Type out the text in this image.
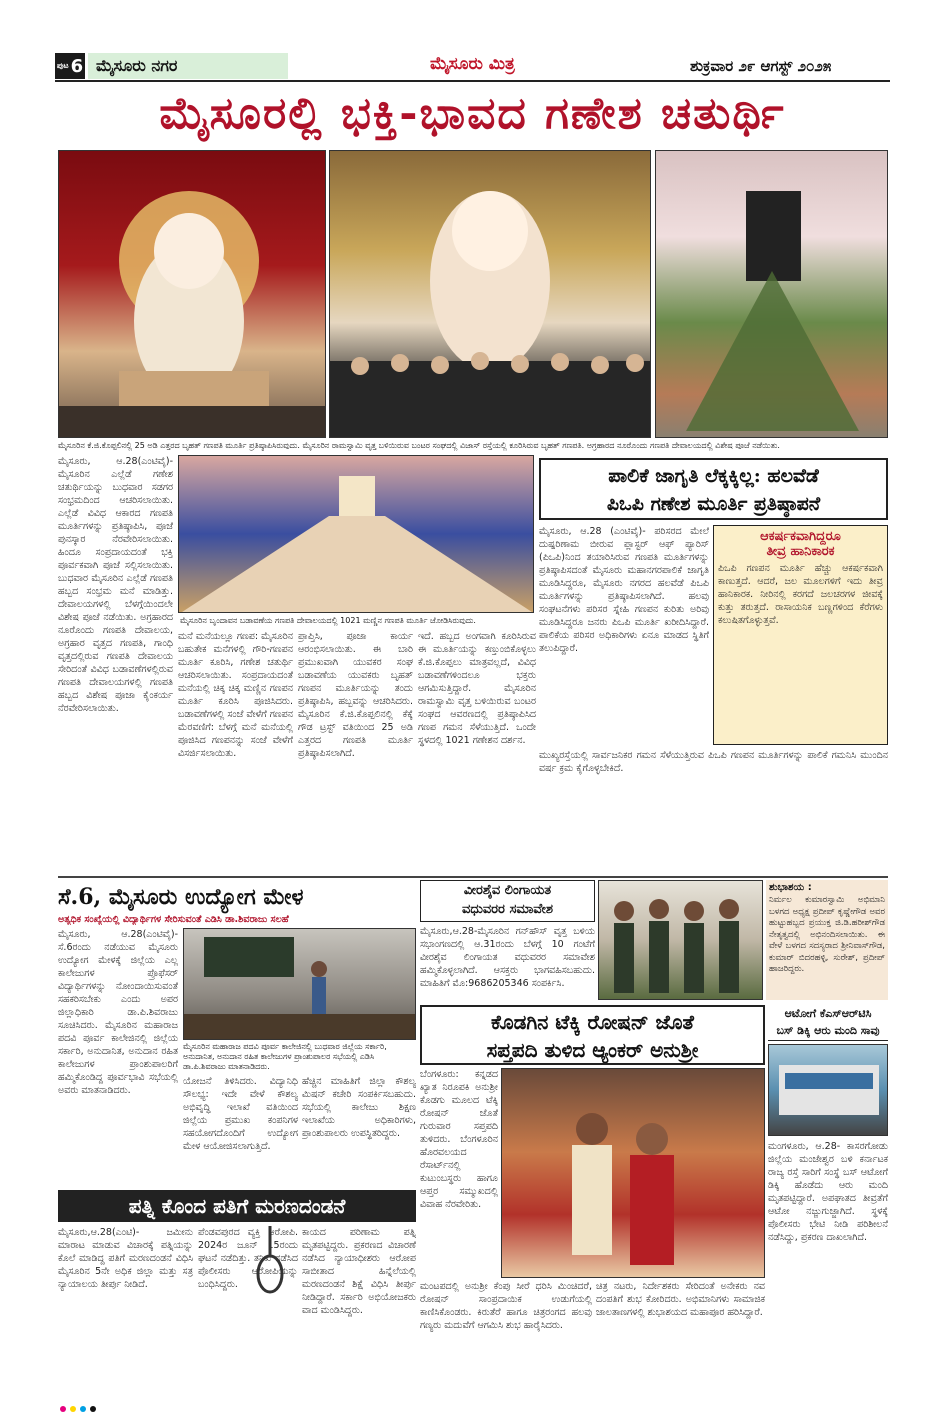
ಪುಟ 6 ಮೈಸೂರು ನಗರ	ಮೈಸೂರು ಮಿತ್ರ	ಶುಕ್ರವಾರ ೨೯ ಆಗಸ್ಟ್ ೨೦೨೫
ಮೈಸೂರಲ್ಲಿ ಭಕ್ತಿ-ಭಾವದ ಗಣೇಶ ಚತುರ್ಥಿ
ಮೈಸೂರಿನ ಕೆ.ಜಿ.ಕೊಪ್ಪಲಿನಲ್ಲಿ 25 ಅಡಿ ಎತ್ತರದ ಬೃಹತ್ ಗಣಪತಿ ಮೂರ್ತಿ ಪ್ರತಿಷ್ಠಾಪಿಸಿರುವುದು. ಮೈಸೂರಿನ ರಾಮಸ್ವಾಮಿ ವೃತ್ತ ಬಳಿಯಿರುವ ಬಂಟರ ಸಂಘದಲ್ಲಿ ವಿಜಾಸ್ ರಸ್ತೆಯಲ್ಲಿ ಕೂರಿಸಿರುವ ಬೃಹತ್ ಗಣಪತಿ. ಅಗ್ರಹಾರದ ನೂರೊಂದು ಗಣಪತಿ ದೇವಾಲಯದಲ್ಲಿ ವಿಶೇಷ ಪೂಜೆ ನಡೆಯಿತು.
ಮೈಸೂರು, ಆ.28(ಎಂಟಿವೈ)- ಮೈಸೂರಿನ ಎಲ್ಲೆಡೆ ಗಣೇಶ ಚತುರ್ಥಿಯನ್ನು ಬುಧವಾರ ಸಡಗರ ಸಂಭ್ರಮದಿಂದ ಆಚರಿಸಲಾಯಿತು. ಎಲ್ಲೆಡೆ ವಿವಿಧ ಆಕಾರದ ಗಣಪತಿ ಮೂರ್ತಿಗಳನ್ನು ಪ್ರತಿಷ್ಠಾಪಿಸಿ, ಪೂಜೆ ಪುನಸ್ಕಾರ ನೆರವೇರಿಸಲಾಯಿತು. ಹಿಂದೂ ಸಂಪ್ರದಾಯದಂತೆ ಭಕ್ತಿ ಪೂರ್ವಕವಾಗಿ ಪೂಜೆ ಸಲ್ಲಿಸಲಾಯಿತು. ಬುಧವಾರ ಮೈಸೂರಿನ ಎಲ್ಲೆಡೆ ಗಣಪತಿ ಹಬ್ಬದ ಸಂಭ್ರಮ ಮನೆ ಮಾಡಿತ್ತು. ದೇವಾಲಯಗಳಲ್ಲಿ ಬೆಳಗ್ಗೆಯಿಂದಲೇ ವಿಶೇಷ ಪೂಜೆ ನಡೆಯಿತು. ಅಗ್ರಹಾರದ ನೂರೊಂದು ಗಣಪತಿ ದೇವಾಲಯ, ಅಗ್ರಹಾರ ವೃತ್ತದ ಗಣಪತಿ, ಗಾಂಧಿ ವೃತ್ತದಲ್ಲಿರುವ ಗಣಪತಿ ದೇವಾಲಯ ಸೇರಿದಂತೆ ವಿವಿಧ ಬಡಾವಣೆಗಳಲ್ಲಿರುವ ಗಣಪತಿ ದೇವಾಲಯಗಳಲ್ಲಿ ಗಣಪತಿ ಹಬ್ಬದ ವಿಶೇಷ ಪೂಜಾ ಕೈಂಕರ್ಯ ನೆರವೇರಿಸಲಾಯಿತು.
ಮೈಸೂರಿನ ಬೃಂದಾವನ ಬಡಾವಣೆಯ ಗಣಪತಿ ದೇವಾಲಯದಲ್ಲಿ 1021 ಮಣ್ಣಿನ ಗಣಪತಿ ಮೂರ್ತಿ ಜೋಡಿಸಿರುವುದು.
ಮನೆ ಮನೆಯಲ್ಲೂ ಗಣಪ: ಮೈಸೂರಿನ ಬಹುತೇಕ ಮನೆಗಳಲ್ಲಿ ಗೌರಿ-ಗಣಪನ ಮೂರ್ತಿ ಕೂರಿಸಿ, ಗಣೇಶ ಚತುರ್ಥಿ ಆಚರಿಸಲಾಯಿತು. ಸಂಪ್ರದಾಯದಂತೆ ಮನೆಯಲ್ಲಿ ಚಿಕ್ಕ ಚಿಕ್ಕ ಮಣ್ಣಿನ ಗಣಪನ ಮೂರ್ತಿ ಕೂರಿಸಿ ಪೂಜಿಸಿದರು. ಬಡಾವಣೆಗಳಲ್ಲಿ ಸಂಜೆ ವೇಳೆಗೆ ಗಣಪನ ಮೆರವಣಿಗೆ: ಬೆಳಗ್ಗೆ ಮನೆ ಮನೆಯಲ್ಲಿ ಪೂಜಿಸಿದ ಗಣಪನನ್ನು ಸಂಜೆ ವೇಳೆಗೆ ವಿಸರ್ಜಿಸಲಾಯಿತು.
ಪ್ರಾಪ್ತಿಸಿ, ಪೂಜಾ ಕಾರ್ಯ ಆರಂಭಿಸಲಾಯಿತು. ಈ ಬಾರಿ ಪ್ರಮುಖವಾಗಿ ಯುವಕರ ಸಂಘ ಬಡಾವಣೆಯ ಯುವಕರು ಬೃಹತ್ ಗಣಪನ ಮೂರ್ತಿಯನ್ನು ತಂದು ಪ್ರತಿಷ್ಠಾಪಿಸಿ, ಹಬ್ಬವನ್ನು ಆಚರಿಸಿದರು. ಮೈಸೂರಿನ ಕೆ.ಜಿ.ಕೊಪ್ಪಲಿನಲ್ಲಿ ಕೆಕ್ಕೆ ಗೌಡ ಟ್ರಸ್ಟ್ ವತಿಯಿಂದ 25 ಅಡಿ ಎತ್ತರದ ಗಣಪತಿ ಮೂರ್ತಿ ಪ್ರತಿಷ್ಠಾಪಿಸಲಾಗಿದೆ.
ಇದೆ. ಹಬ್ಬದ ಅಂಗವಾಗಿ ಕೂರಿಸಿರುವ ಈ ಮೂರ್ತಿಯನ್ನು ಕಣ್ತುಂಬಿಕೊಳ್ಳಲು ಕೆ.ಜಿ.ಕೊಪ್ಪಲು ಮಾತ್ರವಲ್ಲದೆ, ವಿವಿಧ ಬಡಾವಣೆಗಳಿಂದಲೂ ಭಕ್ತರು ಆಗಮಿಸುತ್ತಿದ್ದಾರೆ. ಮೈಸೂರಿನ ರಾಮಸ್ವಾಮಿ ವೃತ್ತ ಬಳಿಯಿರುವ ಬಂಟರ ಸಂಘದ ಆವರಣದಲ್ಲಿ ಪ್ರತಿಷ್ಠಾಪಿಸಿದ ಗಣಪ ಗಮನ ಸೆಳೆಯುತ್ತಿದೆ. ಒಂದೇ ಸ್ಥಳದಲ್ಲಿ 1021 ಗಣೇಶನ ದರ್ಶನ.
ಪಾಲಿಕೆ ಜಾಗೃತಿ ಲೆಕ್ಕಕ್ಕಿಲ್ಲ: ಹಲವೆಡೆ
ಪಿಒಪಿ ಗಣೇಶ ಮೂರ್ತಿ ಪ್ರತಿಷ್ಠಾಪನೆ
ಮೈಸೂರು, ಆ.28 (ಎಂಟಿವೈ)- ಪರಿಸರದ ಮೇಲೆ ದುಷ್ಪರಿಣಾಮ ಬೀರುವ ಪ್ಲಾಸ್ಟರ್ ಆಫ್ ಪ್ಯಾರಿಸ್ (ಪಿಒಪಿ)ನಿಂದ ತಯಾರಿಸಿರುವ ಗಣಪತಿ ಮೂರ್ತಿಗಳನ್ನು ಪ್ರತಿಷ್ಠಾಪಿಸದಂತೆ ಮೈಸೂರು ಮಹಾನಗರಪಾಲಿಕೆ ಜಾಗೃತಿ ಮೂಡಿಸಿದ್ದರೂ, ಮೈಸೂರು ನಗರದ ಹಲವೆಡೆ ಪಿಒಪಿ ಮೂರ್ತಿಗಳನ್ನು ಪ್ರತಿಷ್ಠಾಪಿಸಲಾಗಿದೆ. ಹಲವು ಸಂಘಟನೆಗಳು ಪರಿಸರ ಸ್ನೇಹಿ ಗಣಪನ ಕುರಿತು ಅರಿವು ಮೂಡಿಸಿದ್ದರೂ ಜನರು ಪಿಒಪಿ ಮೂರ್ತಿ ಖರೀದಿಸಿದ್ದಾರೆ. ಪಾಲಿಕೆಯ ಪರಿಸರ ಅಧಿಕಾರಿಗಳು ಏನೂ ಮಾಡದ ಸ್ಥಿತಿಗೆ ತಲುಪಿದ್ದಾರೆ.
ಆಕರ್ಷಕವಾಗಿದ್ದರೂ
ತೀವ್ರ ಹಾನಿಕಾರಕ
ಪಿಒಪಿ ಗಣಪನ ಮೂರ್ತಿ ಹೆಚ್ಚು ಆಕರ್ಷಕವಾಗಿ ಕಾಣುತ್ತದೆ. ಆದರೆ, ಜಲ ಮೂಲಗಳಿಗೆ ಇದು ತೀವ್ರ ಹಾನಿಕಾರಕ. ನೀರಿನಲ್ಲಿ ಕರಗದೆ ಜಲಚರಗಳ ಜೀವಕ್ಕೆ ಕುತ್ತು ತರುತ್ತದೆ. ರಾಸಾಯನಿಕ ಬಣ್ಣಗಳಿಂದ ಕೆರೆಗಳು ಕಲುಷಿತಗೊಳ್ಳುತ್ತವೆ.
ಮುಖ್ಯರಸ್ತೆಯಲ್ಲಿ ಸಾರ್ವಜನಿಕರ ಗಮನ ಸೆಳೆಯುತ್ತಿರುವ ಪಿಒಪಿ ಗಣಪನ ಮೂರ್ತಿಗಳನ್ನು ಪಾಲಿಕೆ ಗಮನಿಸಿ ಮುಂದಿನ ವರ್ಷ ಕ್ರಮ ಕೈಗೊಳ್ಳಬೇಕಿದೆ.
ಸೆ.6, ಮೈಸೂರು ಉದ್ಯೋಗ ಮೇಳ
ಅತ್ಯಧಿಕ ಸಂಖ್ಯೆಯಲ್ಲಿ ವಿದ್ಯಾರ್ಥಿಗಳ ಸೇರಿಸುವಂತೆ ಎಡಿಸಿ ಡಾ.ಶಿವರಾಜು ಸಲಹೆ
ಮೈಸೂರು, ಆ.28(ಎಂಟಿವೈ)- ಸೆ.6ರಂದು ನಡೆಯುವ ಮೈಸೂರು ಉದ್ಯೋಗ ಮೇಳಕ್ಕೆ ಜಿಲ್ಲೆಯ ಎಲ್ಲ ಕಾಲೇಜುಗಳ ಪ್ರೊಫೆಸರ್ ವಿದ್ಯಾರ್ಥಿಗಳನ್ನು ನೋಂದಾಯಿಸುವಂತೆ ಸಹಕರಿಸಬೇಕು ಎಂದು ಅಪರ ಜಿಲ್ಲಾಧಿಕಾರಿ ಡಾ.ಪಿ.ಶಿವರಾಜು ಸೂಚಿಸಿದರು. ಮೈಸೂರಿನ ಮಹಾರಾಜ ಪದವಿ ಪೂರ್ವ ಕಾಲೇಜಿನಲ್ಲಿ ಜಿಲ್ಲೆಯ ಸರ್ಕಾರಿ, ಅನುದಾನಿತ, ಅನುದಾನ ರಹಿತ ಕಾಲೇಜುಗಳ ಪ್ರಾಂಶುಪಾಲರಿಗೆ ಹಮ್ಮಿಕೊಂಡಿದ್ದ ಪೂರ್ವಭಾವಿ ಸಭೆಯಲ್ಲಿ ಅವರು ಮಾತನಾಡಿದರು.
ಮೈಸೂರಿನ ಮಹಾರಾಜ ಪದವಿ ಪೂರ್ವ ಕಾಲೇಜಿನಲ್ಲಿ ಬುಧವಾರ ಜಿಲ್ಲೆಯ ಸರ್ಕಾರಿ, ಅನುದಾನಿತ, ಅನುದಾನ ರಹಿತ ಕಾಲೇಜುಗಳ ಪ್ರಾಂಶುಪಾಲರ ಸಭೆಯಲ್ಲಿ ಎಡಿಸಿ ಡಾ.ಪಿ.ಶಿವರಾಜು ಮಾತನಾಡಿದರು.
ಯೋಜನೆ ತಿಳಿಸಿದರು. ವಿದ್ಯಾನಿಧಿ ಸೌಲಭ್ಯ: ಇದೇ ವೇಳೆ ಕೌಶಲ್ಯ ಅಭಿವೃದ್ಧಿ ಇಲಾಖೆ ವತಿಯಿಂದ ಜಿಲ್ಲೆಯ ಪ್ರಮುಖ ಕಂಪನಿಗಳ ಸಹಯೋಗದೊಂದಿಗೆ ಉದ್ಯೋಗ ಮೇಳ ಆಯೋಜಿಸಲಾಗುತ್ತಿದೆ.
ಹೆಚ್ಚಿನ ಮಾಹಿತಿಗೆ ಜಿಲ್ಲಾ ಕೌಶಲ್ಯ ಮಿಷನ್ ಕಚೇರಿ ಸಂಪರ್ಕಿಸಬಹುದು. ಸಭೆಯಲ್ಲಿ ಕಾಲೇಜು ಶಿಕ್ಷಣ ಇಲಾಖೆಯ ಅಧಿಕಾರಿಗಳು, ಪ್ರಾಂಶುಪಾಲರು ಉಪಸ್ಥಿತರಿದ್ದರು.
ವೀರಶೈವ ಲಿಂಗಾಯತ
ವಧುವರರ ಸಮಾವೇಶ
ಮೈಸೂರು,ಆ.28-ಮೈಸೂರಿನ ಗನ್‌ಹೌಸ್ ವೃತ್ತ ಬಳಿಯ ಸಭಾಂಗಣದಲ್ಲಿ ಆ.31ರಂದು ಬೆಳಗ್ಗೆ 10 ಗಂಟೆಗೆ ವೀರಶೈವ ಲಿಂಗಾಯತ ವಧುವರರ ಸಮಾವೇಶ ಹಮ್ಮಿಕೊಳ್ಳಲಾಗಿದೆ. ಆಸಕ್ತರು ಭಾಗವಹಿಸಬಹುದು. ಮಾಹಿತಿಗೆ ಮೊ:9686205346 ಸಂಪರ್ಕಿಸಿ.
ಶುಭಾಶಯ :
ನಿರ್ಮಲ ಕುಮಾರಸ್ವಾಮಿ ಅಭಿಮಾನಿ ಬಳಗದ ಅಧ್ಯಕ್ಷ ಪ್ರದೀಪ್ ಕೃಷ್ಣೇಗೌಡ ಅವರ ಹುಟ್ಟುಹಬ್ಬದ ಪ್ರಯುಕ್ತ ಜಿ.ಡಿ.ಹರೀಶ್‌ಗೌಡ ನೇತೃತ್ವದಲ್ಲಿ ಅಭಿನಂದಿಸಲಾಯಿತು. ಈ ವೇಳೆ ಬಳಗದ ಸದಸ್ಯರಾದ ಶ್ರೀನಿವಾಸ್‌ಗೌಡ, ಕುಮಾರ್ ಬಿದರಹಳ್ಳಿ, ಸುರೇಶ್, ಪ್ರದೀಪ್ ಹಾಜರಿದ್ದರು.
ಕೊಡಗಿನ ಟೆಕ್ಕಿ ರೋಷನ್ ಜೊತೆ
ಸಪ್ತಪದಿ ತುಳಿದ ಆ್ಯಂಕರ್ ಅನುಶ್ರೀ
ಬೆಂಗಳೂರು: ಕನ್ನಡದ ಖ್ಯಾತ ನಿರೂಪಕಿ ಅನುಶ್ರೀ ಕೊಡಗು ಮೂಲದ ಟೆಕ್ಕಿ ರೋಷನ್ ಜೊತೆ ಗುರುವಾರ ಸಪ್ತಪದಿ ತುಳಿದರು. ಬೆಂಗಳೂರಿನ ಹೊರವಲಯದ ರೆಸಾರ್ಟ್‌ನಲ್ಲಿ ಕುಟುಂಬಸ್ಥರು ಹಾಗೂ ಆಪ್ತರ ಸಮ್ಮುಖದಲ್ಲಿ ವಿವಾಹ ನೆರವೇರಿತು.
ಮಂಟಪದಲ್ಲಿ ಅನುಶ್ರೀ ಕೆಂಪು ಸೀರೆ ಧರಿಸಿ ಮಿಂಚಿದರೆ, ರೋಷನ್ ಸಾಂಪ್ರದಾಯಿಕ ಉಡುಗೆಯಲ್ಲಿ ಕಾಣಿಸಿಕೊಂಡರು. ಕಿರುತೆರೆ ಹಾಗೂ ಚಿತ್ರರಂಗದ ಹಲವು ಗಣ್ಯರು ಮದುವೆಗೆ ಆಗಮಿಸಿ ಶುಭ ಹಾರೈಸಿದರು.
ಚಿತ್ರ ನಟರು, ನಿರ್ದೇಶಕರು ಸೇರಿದಂತೆ ಅನೇಕರು ನವ ದಂಪತಿಗೆ ಶುಭ ಕೋರಿದರು. ಅಭಿಮಾನಿಗಳು ಸಾಮಾಜಿಕ ಜಾಲತಾಣಗಳಲ್ಲಿ ಶುಭಾಶಯದ ಮಹಾಪೂರ ಹರಿಸಿದ್ದಾರೆ.
ಆಟೋಗೆ ಕೆಎಸ್‌ಆರ್‌ಟಿಸಿ
ಬಸ್ ಡಿಕ್ಕಿ ಆರು ಮಂದಿ ಸಾವು
ಮಂಗಳೂರು, ಆ.28- ಕಾಸರಗೋಡು ಜಿಲ್ಲೆಯ ಮಂಜೇಶ್ವರ ಬಳಿ ಕರ್ನಾಟಕ ರಾಜ್ಯ ರಸ್ತೆ ಸಾರಿಗೆ ಸಂಸ್ಥೆ ಬಸ್ ಆಟೋಗೆ ಡಿಕ್ಕಿ ಹೊಡೆದು ಆರು ಮಂದಿ ಮೃತಪಟ್ಟಿದ್ದಾರೆ. ಅಪಘಾತದ ತೀವ್ರತೆಗೆ ಆಟೋ ನಜ್ಜುಗುಜ್ಜಾಗಿದೆ. ಸ್ಥಳಕ್ಕೆ ಪೊಲೀಸರು ಭೇಟಿ ನೀಡಿ ಪರಿಶೀಲನೆ ನಡೆಸಿದ್ದು, ಪ್ರಕರಣ ದಾಖಲಾಗಿದೆ.
ಪತ್ನಿ ಕೊಂದ ಪತಿಗೆ ಮರಣದಂಡನೆ
ಮೈಸೂರು,ಆ.28(ಎಂಟಿ)- ಜಮೀನು ಮಾರಾಟ ಮಾಡುವ ವಿಚಾರಕ್ಕೆ ಪತ್ನಿಯನ್ನು ಕೊಲೆ ಮಾಡಿದ್ದ ಪತಿಗೆ ಮರಣದಂಡನೆ ವಿಧಿಸಿ ಮೈಸೂರಿನ 5ನೇ ಅಧಿಕ ಜಿಲ್ಲಾ ಮತ್ತು ಸತ್ರ ನ್ಯಾಯಾಲಯ ತೀರ್ಪು ನೀಡಿದೆ.
ಪೆಂಡವಪುರದ ವ್ಯಕ್ತಿ ಆರೋಪಿ. 2024ರ ಜೂನ್ 15ರಂದು ಘಟನೆ ನಡೆದಿತ್ತು. ತನಿಖೆ ನಡೆಸಿದ ಪೊಲೀಸರು ಆರೋಪಿಯನ್ನು ಬಂಧಿಸಿದ್ದರು.
ಕಾಯದ ಪರಿಣಾಮ ಪತ್ನಿ ಮೃತಪಟ್ಟಿದ್ದರು. ಪ್ರಕರಣದ ವಿಚಾರಣೆ ನಡೆಸಿದ ನ್ಯಾಯಾಧೀಶರು ಆರೋಪ ಸಾಬೀತಾದ ಹಿನ್ನೆಲೆಯಲ್ಲಿ ಮರಣದಂಡನೆ ಶಿಕ್ಷೆ ವಿಧಿಸಿ ತೀರ್ಪು ನೀಡಿದ್ದಾರೆ. ಸರ್ಕಾರಿ ಅಭಿಯೋಜಕರು ವಾದ ಮಂಡಿಸಿದ್ದರು.
